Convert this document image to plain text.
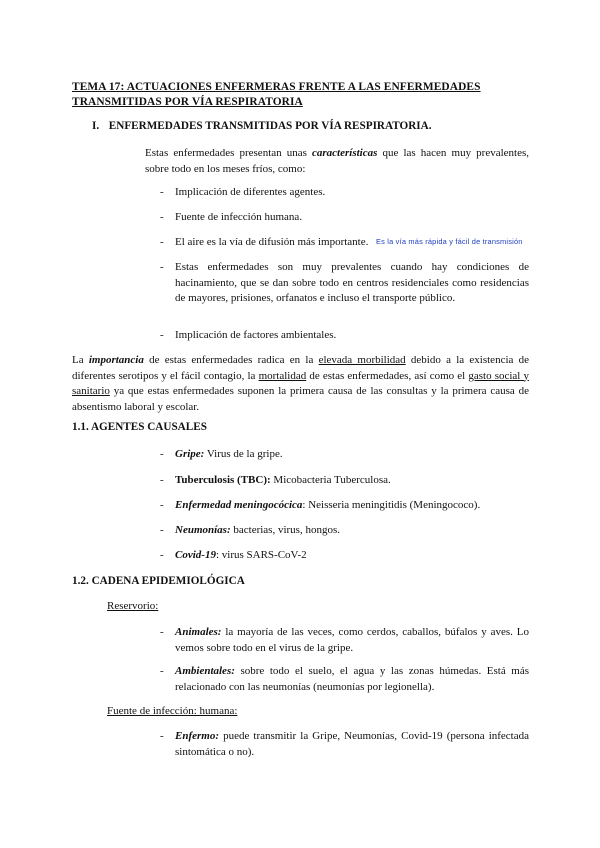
TEMA 17: ACTUACIONES ENFERMERAS FRENTE A LAS ENFERMEDADES TRANSMITIDAS POR VÍA RESPIRATORIA
I. ENFERMEDADES TRANSMITIDAS POR VÍA RESPIRATORIA.
Estas enfermedades presentan unas características que las hacen muy prevalentes, sobre todo en los meses fríos, como:
- Implicación de diferentes agentes.
- Fuente de infección humana.
- El aire es la vía de difusión más importante.	Es la vía más rápida y fácil de transmisión
- Estas enfermedades son muy prevalentes cuando hay condiciones de hacinamiento, que se dan sobre todo en centros residenciales como residencias de mayores, prisiones, orfanatos e incluso el transporte público.
- Implicación de factores ambientales.
La importancia de estas enfermedades radica en la elevada morbilidad debido a la existencia de diferentes serotipos y el fácil contagio, la mortalidad de estas enfermedades, así como el gasto social y sanitario ya que estas enfermedades suponen la primera causa de las consultas y la primera causa de absentismo laboral y escolar.
1.1. AGENTES CAUSALES
- Gripe: Virus de la gripe.
- Tuberculosis (TBC): Micobacteria Tuberculosa.
- Enfermedad meningocócica: Neisseria meningitidis (Meningococo).
- Neumonías: bacterias, virus, hongos.
- Covid-19: virus SARS-CoV-2
1.2. CADENA EPIDEMIOLÓGICA
Reservorio:
- Animales: la mayoría de las veces, como cerdos, caballos, búfalos y aves. Lo vemos sobre todo en el virus de la gripe.
- Ambientales: sobre todo el suelo, el agua y las zonas húmedas. Está más relacionado con las neumonías (neumonías por legionella).
Fuente de infección: humana:
- Enfermo: puede transmitir la Gripe, Neumonías, Covid-19 (persona infectada sintomática o no).
